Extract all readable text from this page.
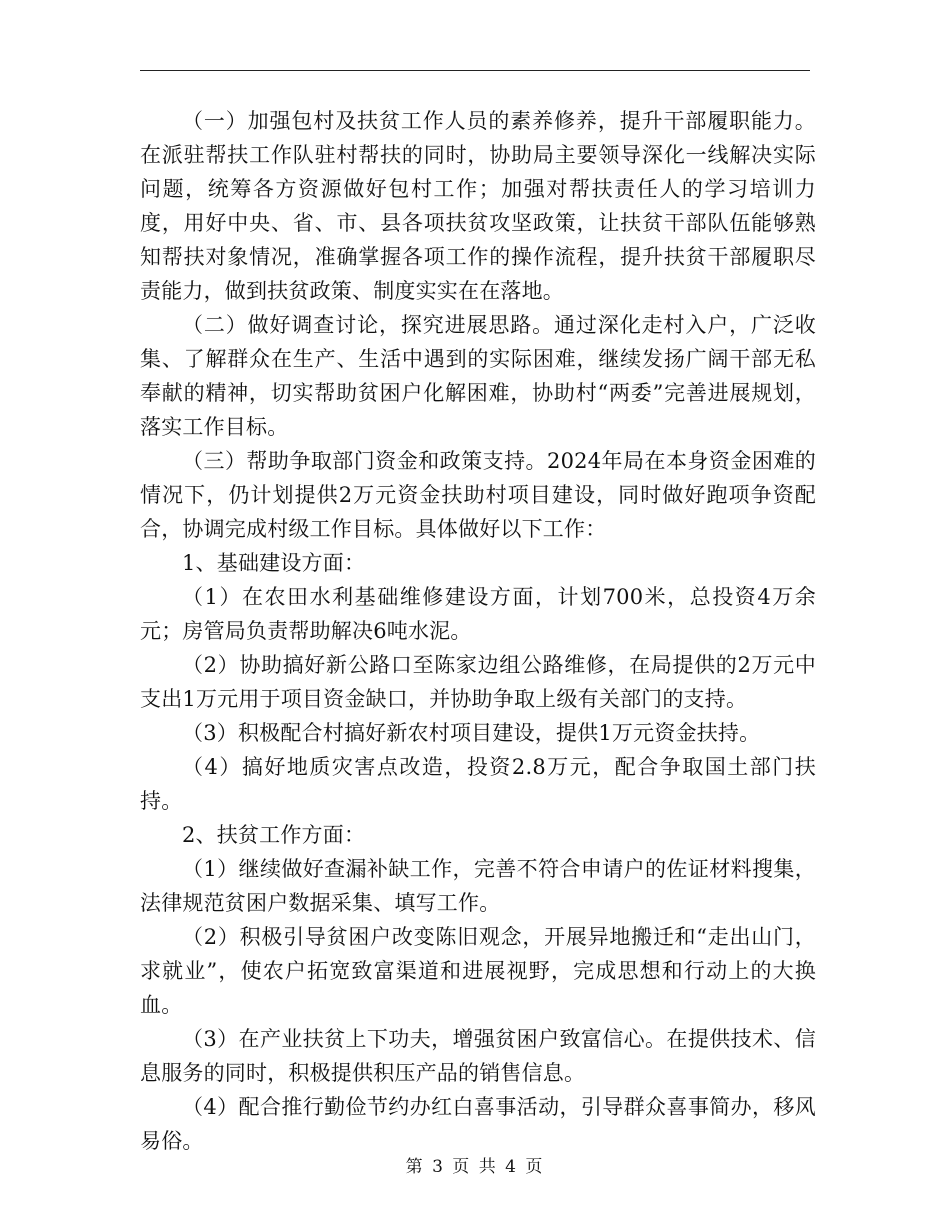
（一）加强包村及扶贫工作人员的素养修养，提升干部履职能力。在派驻帮扶工作队驻村帮扶的同时，协助局主要领导深化一线解决实际问题，统筹各方资源做好包村工作；加强对帮扶责任人的学习培训力度，用好中央、省、市、县各项扶贫攻坚政策，让扶贫干部队伍能够熟知帮扶对象情况，准确掌握各项工作的操作流程，提升扶贫干部履职尽责能力，做到扶贫政策、制度实实在在落地。

（二）做好调查讨论，探究进展思路。通过深化走村入户，广泛收集、了解群众在生产、生活中遇到的实际困难，继续发扬广阔干部无私奉献的精神，切实帮助贫困户化解困难，协助村“两委”完善进展规划，落实工作目标。

（三）帮助争取部门资金和政策支持。2024年局在本身资金困难的情况下，仍计划提供2万元资金扶助村项目建设，同时做好跑项争资配合，协调完成村级工作目标。具体做好以下工作：

1、基础建设方面：

（1）在农田水利基础维修建设方面，计划700米，总投资4万余元；房管局负责帮助解决6吨水泥。

（2）协助搞好新公路口至陈家边组公路维修，在局提供的2万元中支出1万元用于项目资金缺口，并协助争取上级有关部门的支持。

（3）积极配合村搞好新农村项目建设，提供1万元资金扶持。

（4）搞好地质灾害点改造，投资2.8万元，配合争取国土部门扶持。

2、扶贫工作方面：

（1）继续做好查漏补缺工作，完善不符合申请户的佐证材料搜集，法律规范贫困户数据采集、填写工作。

（2）积极引导贫困户改变陈旧观念，开展异地搬迁和“走出山门，求就业”，使农户拓宽致富渠道和进展视野，完成思想和行动上的大换血。

（3）在产业扶贫上下功夫，增强贫困户致富信心。在提供技术、信息服务的同时，积极提供积压产品的销售信息。

（4）配合推行勤俭节约办红白喜事活动，引导群众喜事简办，移风易俗。

第 3 页 共 4 页
